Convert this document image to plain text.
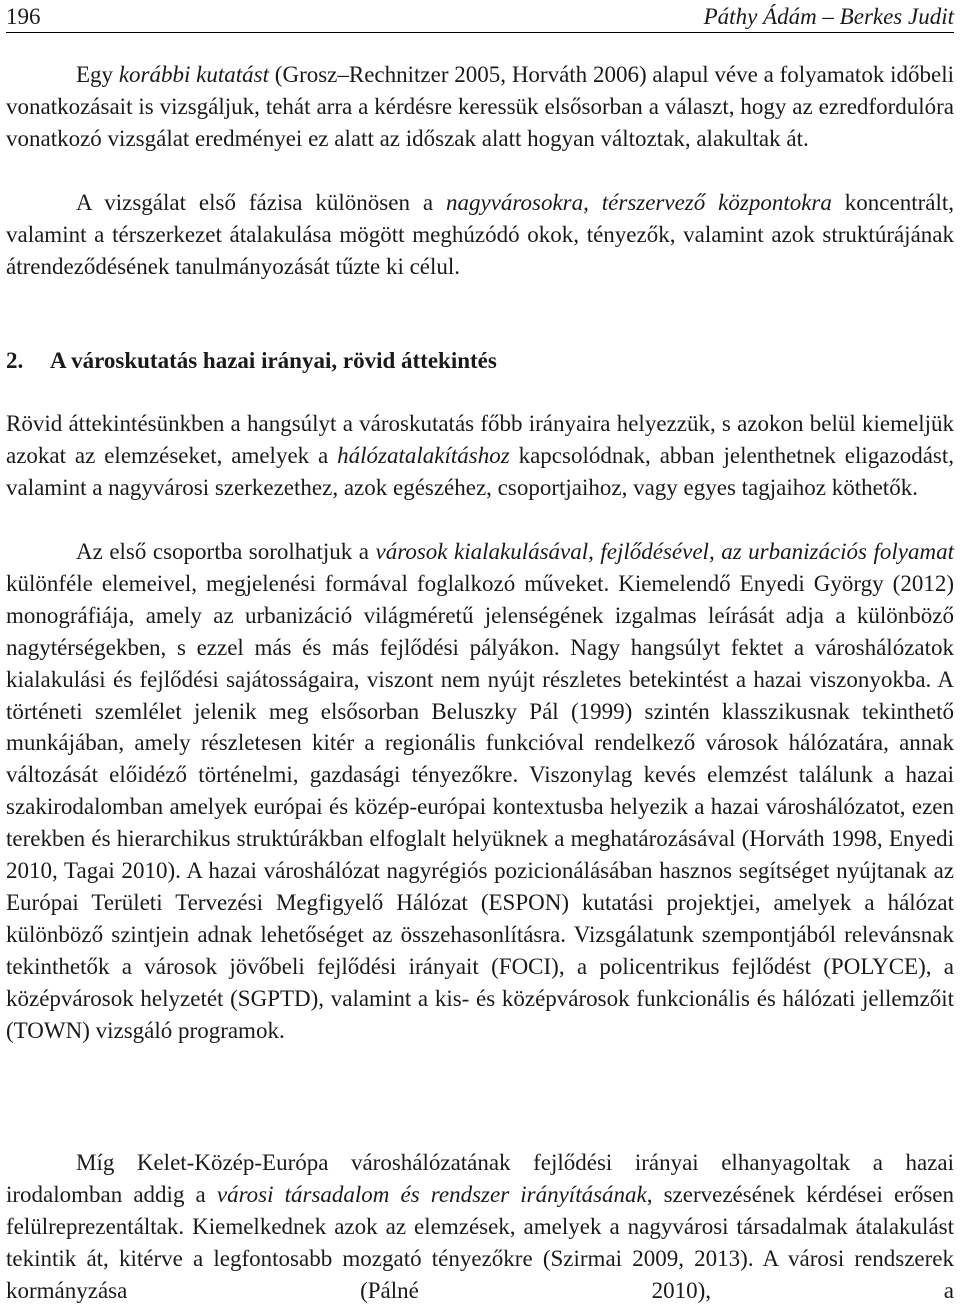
196	Páthy Ádám – Berkes Judit

Egy korábbi kutatást (Grosz–Rechnitzer 2005, Horváth 2006) alapul véve a folyamatok időbeli vonatkozásait is vizsgáljuk, tehát arra a kérdésre keressük elsősorban a választ, hogy az ezredfordulóra vonatkozó vizsgálat eredményei ez alatt az időszak alatt hogyan változtak, alakultak át.

A vizsgálat első fázisa különösen a nagyvárosokra, térszervező központokra koncentrált, valamint a térszerkezet átalakulása mögött meghúzódó okok, tényezők, valamint azok struktúrájának átrendeződésének tanulmányozását tűzte ki célul.

2. A városkutatás hazai irányai, rövid áttekintés

Rövid áttekintésünkben a hangsúlyt a városkutatás főbb irányaira helyezzük, s azokon belül kiemeljük azokat az elemzéseket, amelyek a hálózatalakításhoz kapcsolódnak, abban jelenthetnek eligazodást, valamint a nagyvárosi szerkezethez, azok egészéhez, csoportjaihoz, vagy egyes tagjaihoz köthetők.

Az első csoportba sorolhatjuk a városok kialakulásával, fejlődésével, az urbanizációs folyamat különféle elemeivel, megjelenési formával foglalkozó műveket. Kiemelendő Enyedi György (2012) monográfiája, amely az urbanizáció világméretű jelenségének izgalmas leírását adja a különböző nagytérségekben, s ezzel más és más fejlődési pályákon. Nagy hangsúlyt fektet a városhálózatok kialakulási és fejlődési sajátosságaira, viszont nem nyújt részletes betekintést a hazai viszonyokba. A történeti szemlélet jelenik meg elsősorban Beluszky Pál (1999) szintén klasszikusnak tekinthető munkájában, amely részletesen kitér a regionális funkcióval rendelkező városok hálózatára, annak változását előidéző történelmi, gazdasági tényezőkre. Viszonylag kevés elemzést találunk a hazai szakirodalomban amelyek európai és közép-európai kontextusba helyezik a hazai városhálózatot, ezen terekben és hierarchikus struktúrákban elfoglalt helyüknek a meghatározásával (Horváth 1998, Enyedi 2010, Tagai 2010). A hazai városhálózat nagyrégiós pozicionálásában hasznos segítséget nyújtanak az Európai Területi Tervezési Megfigyelő Hálózat (ESPON) kutatási projektjei, amelyek a hálózat különböző szintjein adnak lehetőséget az összehasonlításra. Vizsgálatunk szempontjából relevánsnak tekinthetők a városok jövőbeli fejlődési irányait (FOCI), a policentrikus fejlődést (POLYCE), a középvárosok helyzetét (SGPTD), valamint a kis- és középvárosok funkcionális és hálózati jellemzőit (TOWN) vizsgáló programok.

Míg Kelet-Közép-Európa városhálózatának fejlődési irányai elhanyagoltak a hazai irodalomban addig a városi társadalom és rendszer irányításának, szervezésének kérdései erősen felülreprezentáltak. Kiemelkednek azok az elemzések, amelyek a nagyvárosi társadalmak átalakulást tekintik át, kitérve a legfontosabb mozgató tényezőkre (Szirmai 2009, 2013). A városi rendszerek kormányzása (Pálné 2010), a
